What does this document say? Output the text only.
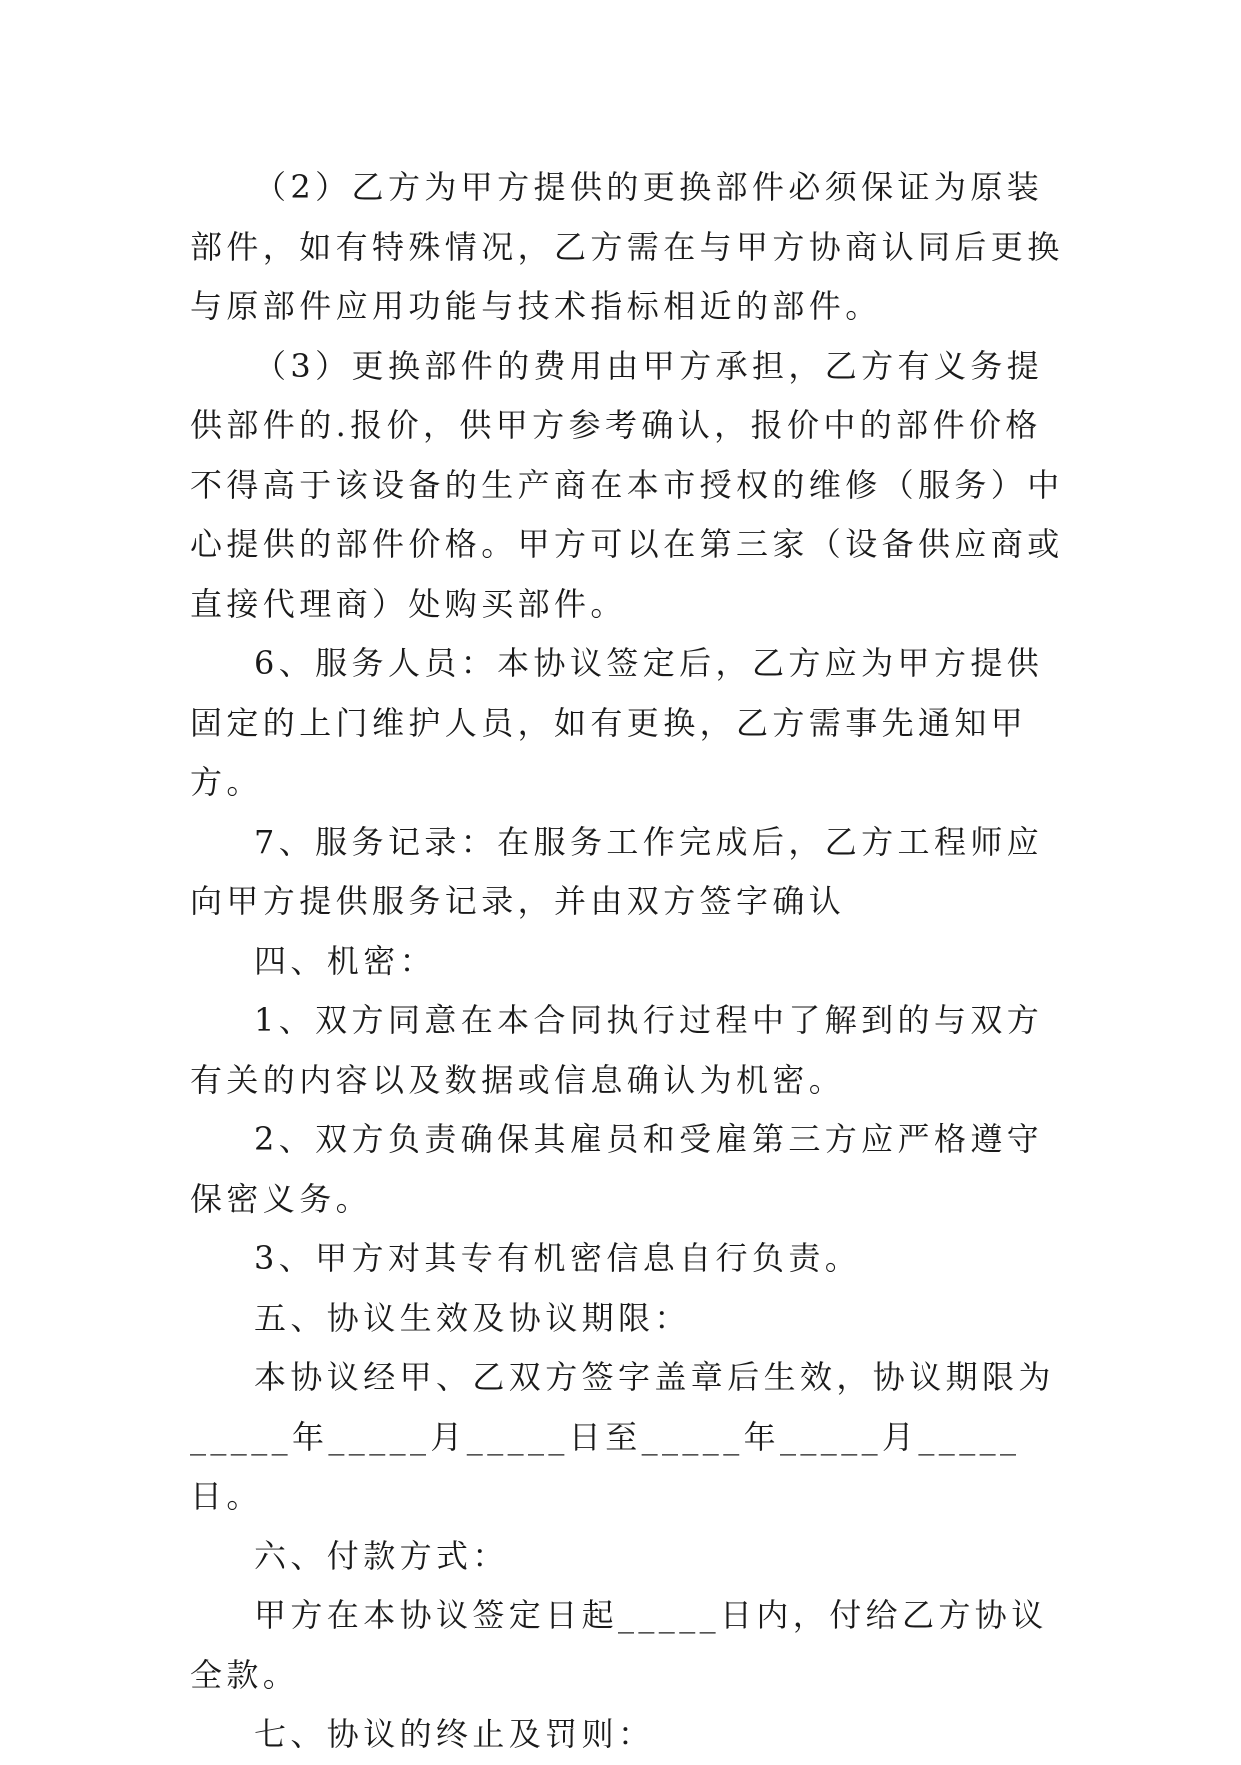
（2）乙方为甲方提供的更换部件必须保证为原装部件，如有特殊情况，乙方需在与甲方协商认同后更换与原部件应用功能与技术指标相近的部件。

（3）更换部件的费用由甲方承担，乙方有义务提供部件的.报价，供甲方参考确认，报价中的部件价格不得高于该设备的生产商在本市授权的维修（服务）中心提供的部件价格。甲方可以在第三家（设备供应商或直接代理商）处购买部件。

6、服务人员：本协议签定后，乙方应为甲方提供固定的上门维护人员，如有更换，乙方需事先通知甲方。

7、服务记录：在服务工作完成后，乙方工程师应向甲方提供服务记录，并由双方签字确认

四、机密：

1、双方同意在本合同执行过程中了解到的与双方有关的内容以及数据或信息确认为机密。

2、双方负责确保其雇员和受雇第三方应严格遵守保密义务。

3、甲方对其专有机密信息自行负责。

五、协议生效及协议期限：

本协议经甲、乙双方签字盖章后生效，协议期限为_____年_____月_____日至_____年_____月_____日。

六、付款方式：

甲方在本协议签定日起_____日内，付给乙方协议全款。

七、协议的终止及罚则：
